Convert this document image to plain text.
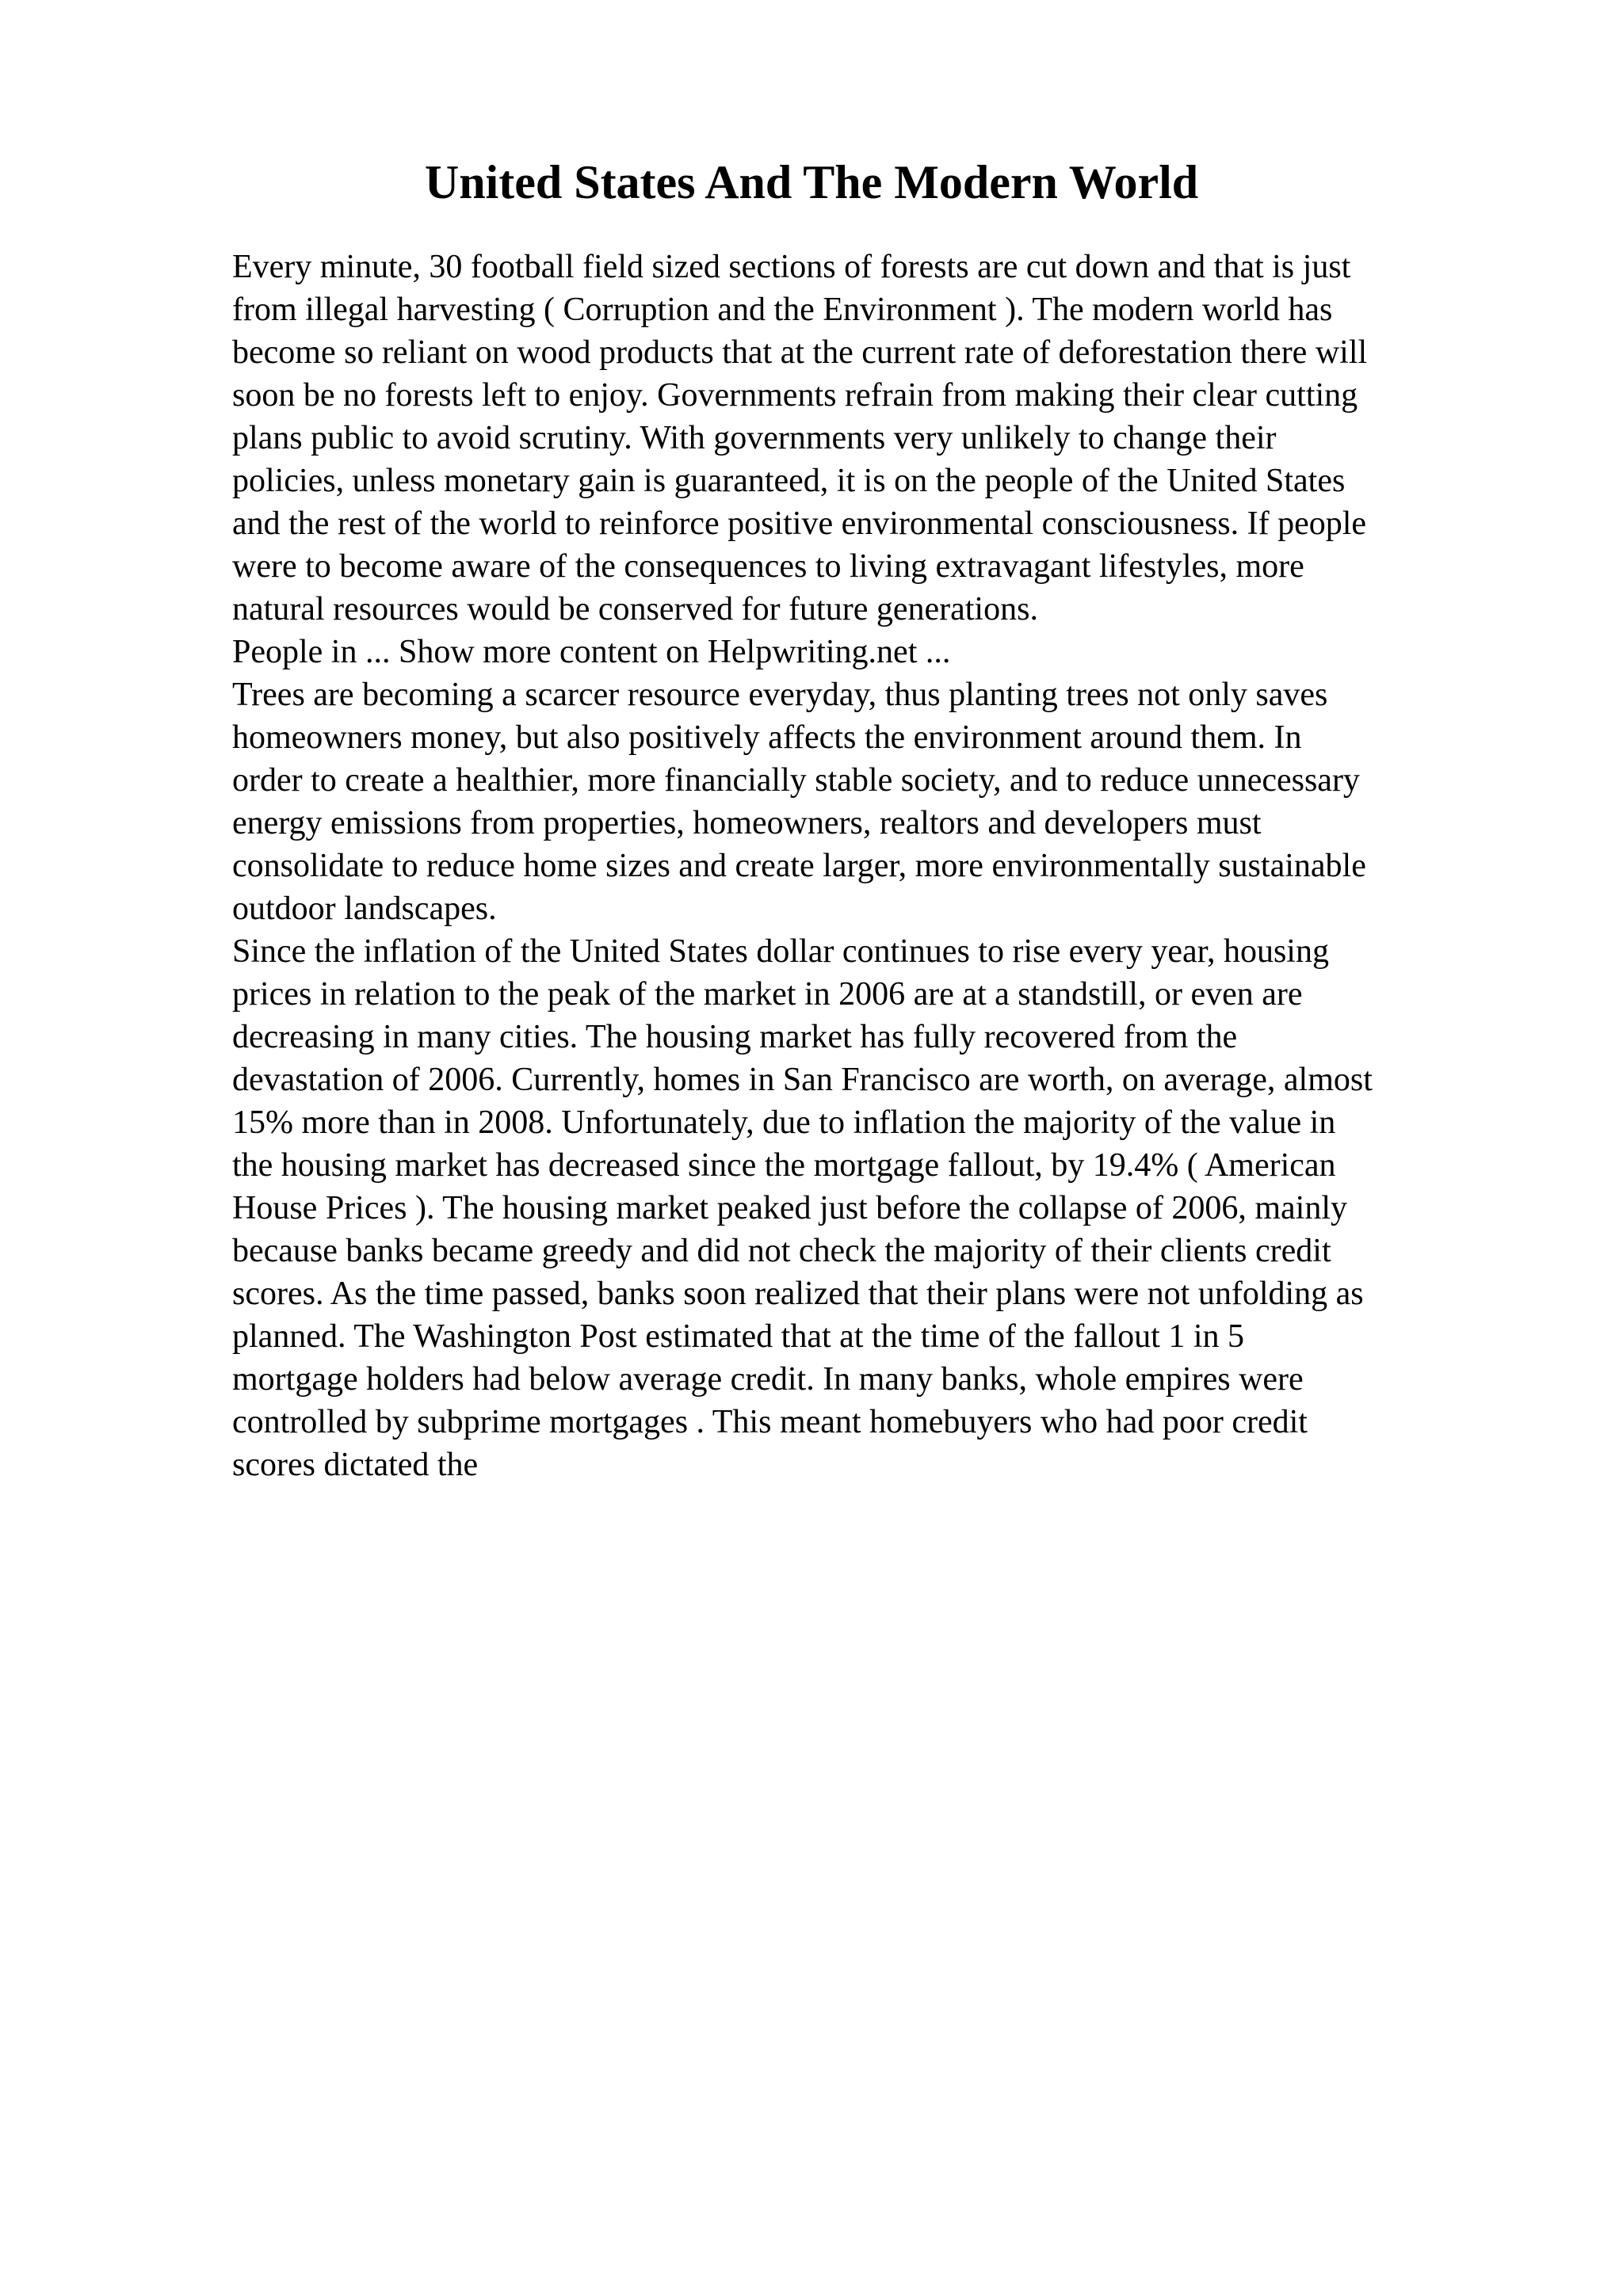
United States And The Modern World

Every minute, 30 football field sized sections of forests are cut down and that is just
from illegal harvesting ( Corruption and the Environment ). The modern world has
become so reliant on wood products that at the current rate of deforestation there will
soon be no forests left to enjoy. Governments refrain from making their clear cutting
plans public to avoid scrutiny. With governments very unlikely to change their
policies, unless monetary gain is guaranteed, it is on the people of the United States
and the rest of the world to reinforce positive environmental consciousness. If people
were to become aware of the consequences to living extravagant lifestyles, more
natural resources would be conserved for future generations.

People in ... Show more content on Helpwriting.net ...

Trees are becoming a scarcer resource everyday, thus planting trees not only saves
homeowners money, but also positively affects the environment around them. In
order to create a healthier, more financially stable society, and to reduce unnecessary
energy emissions from properties, homeowners, realtors and developers must
consolidate to reduce home sizes and create larger, more environmentally sustainable
outdoor landscapes.

Since the inflation of the United States dollar continues to rise every year, housing
prices in relation to the peak of the market in 2006 are at a standstill, or even are
decreasing in many cities. The housing market has fully recovered from the
devastation of 2006. Currently, homes in San Francisco are worth, on average, almost
15% more than in 2008. Unfortunately, due to inflation the majority of the value in
the housing market has decreased since the mortgage fallout, by 19.4% ( American
House Prices ). The housing market peaked just before the collapse of 2006, mainly
because banks became greedy and did not check the majority of their clients credit
scores. As the time passed, banks soon realized that their plans were not unfolding as
planned. The Washington Post estimated that at the time of the fallout 1 in 5
mortgage holders had below average credit. In many banks, whole empires were
controlled by subprime mortgages . This meant homebuyers who had poor credit
scores dictated the
